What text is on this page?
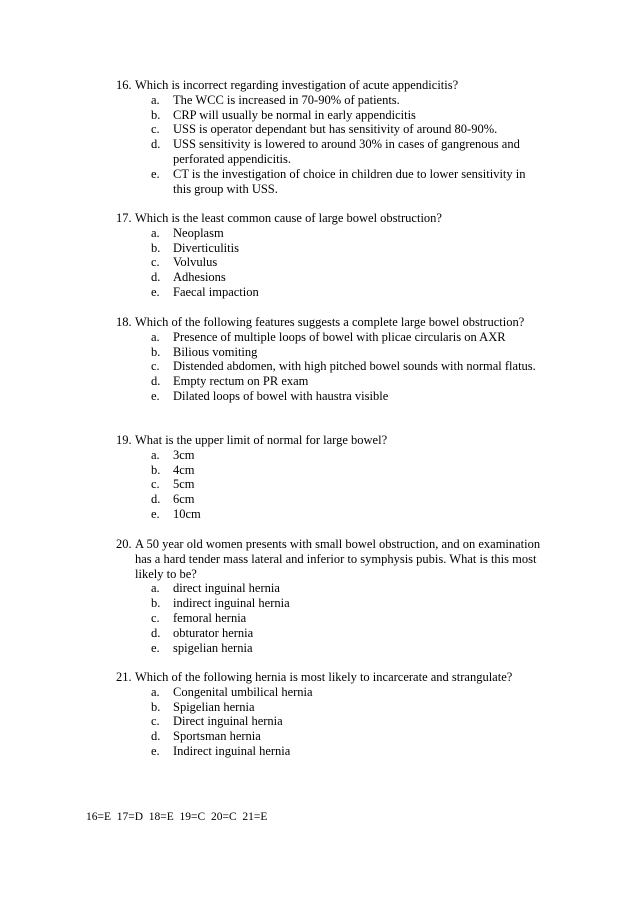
16. Which is incorrect regarding investigation of acute appendicitis?
a.	The WCC is increased in 70-90% of patients.
b.	CRP will usually be normal in early appendicitis
c.	USS is operator dependant but has sensitivity of around 80-90%.
d.	USS sensitivity is lowered to around 30% in cases of gangrenous and perforated appendicitis.
e.	CT is the investigation of choice in children due to lower sensitivity in this group with USS.
17. Which is the least common cause of large bowel obstruction?
a.	Neoplasm
b.	Diverticulitis
c.	Volvulus
d.	Adhesions
e.	Faecal impaction
18. Which of the following features suggests a complete large bowel obstruction?
a.	Presence of multiple loops of bowel with plicae circularis on AXR
b.	Bilious vomiting
c.	Distended abdomen, with high pitched bowel sounds with normal flatus.
d.	Empty rectum on PR exam
e.	Dilated loops of bowel with haustra visible
19. What is the upper limit of normal for large bowel?
a.	3cm
b.	4cm
c.	5cm
d.	6cm
e.	10cm
20. A 50 year old women presents with small bowel obstruction, and on examination has a hard tender mass lateral and inferior to symphysis pubis. What is this most likely to be?
a.	direct inguinal hernia
b.	indirect inguinal hernia
c.	femoral hernia
d.	obturator hernia
e.	spigelian hernia
21. Which of the following hernia is most likely to incarcerate and strangulate?
a.	Congenital umbilical hernia
b.	Spigelian hernia
c.	Direct inguinal hernia
d.	Sportsman hernia
e.	Indirect inguinal hernia
16=E  17=D  18=E  19=C  20=C  21=E
